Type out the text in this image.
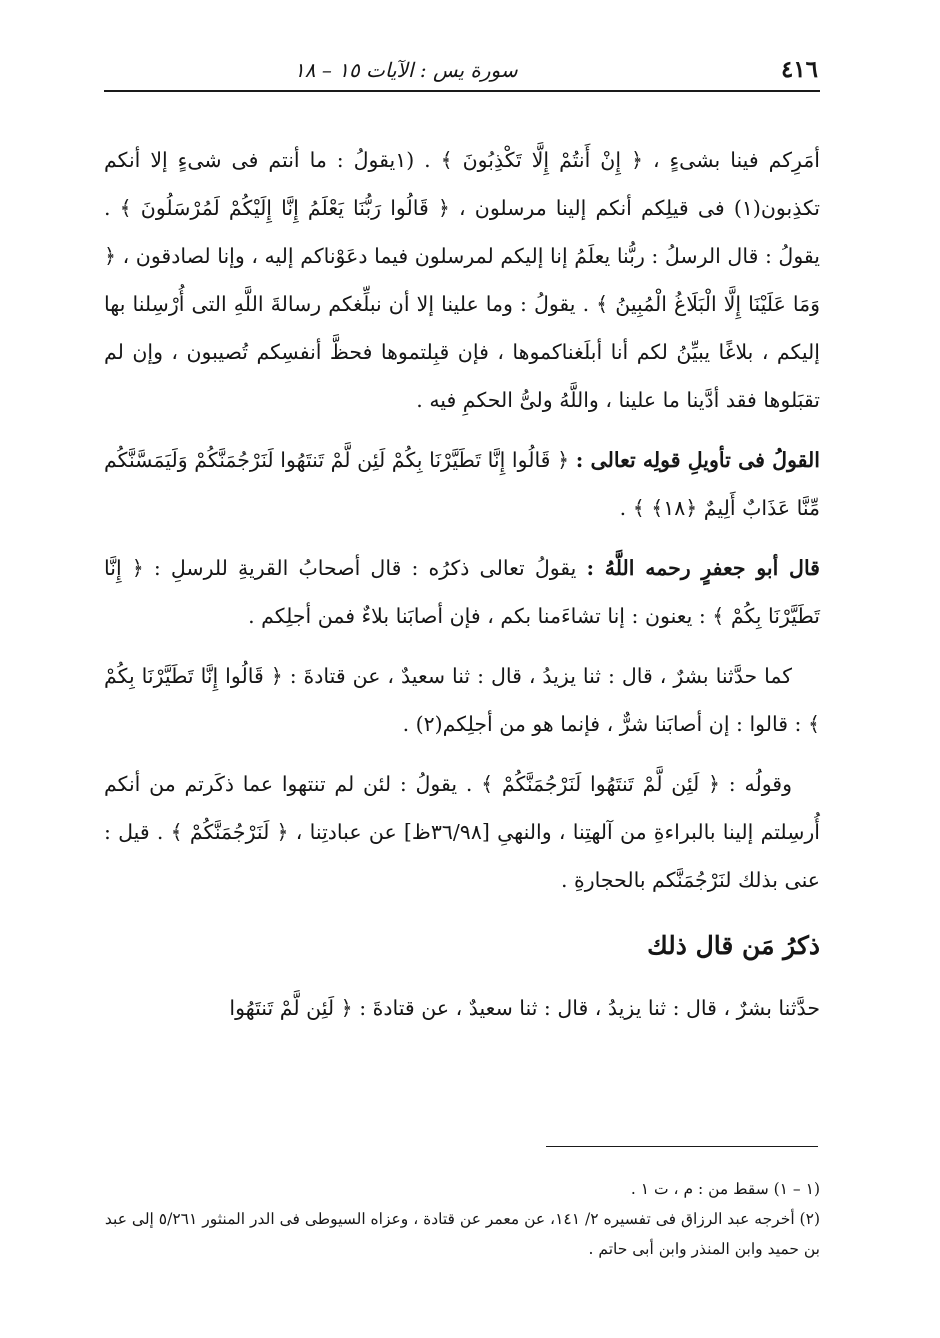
٤١٦
سورة يس : الآيات ١٥ – ١٨

أمَرِكم فينا بشىءٍ ، ﴿ إِنْ أَنتُمْ إِلَّا تَكْذِبُونَ ﴾ . (١يقولُ : ما أنتم فى شىءٍ إلا أنكم تكذِبون(١) فى قيلِكم أنكم إلينا مرسلون ، ﴿ قَالُوا رَبُّنَا يَعْلَمُ إِنَّا إِلَيْكُمْ لَمُرْسَلُونَ ﴾ . يقولُ : قال الرسلُ : ربُّنا يعلَمُ إنا إليكم لمرسلون فيما دعَوْناكم إليه ، وإنا لصادقون ، ﴿ وَمَا عَلَيْنَا إِلَّا الْبَلَاغُ الْمُبِينُ ﴾ . يقولُ : وما علينا إلا أن نبلِّغكم رسالةَ اللَّهِ التى أُرْسِلنا بها إليكم ، بلاغًا يبيِّنُ لكم أنا أبلَغناكموها ، فإن قبِلتموها فحظَّ أنفسِكم تُصيبون ، وإن لم تقبَلوها فقد أدَّينا ما علينا ، واللَّهُ ولىُّ الحكمِ فيه .

القولُ فى تأويلِ قولِه تعالى : ﴿ قَالُوا إِنَّا تَطَيَّرْنَا بِكُمْ لَئِن لَّمْ تَنتَهُوا لَنَرْجُمَنَّكُمْ وَلَيَمَسَّنَّكُم مِّنَّا عَذَابٌ أَلِيمٌ ﴿١٨﴾ ﴾ .

قال أبو جعفرٍ رحمه اللَّهُ : يقولُ تعالى ذكرُه : قال أصحابُ القريةِ للرسلِ : ﴿ إِنَّا تَطَيَّرْنَا بِكُمْ ﴾ : يعنون : إنا تشاءَمنا بكم ، فإن أصابَنا بلاءٌ فمن أجلِكم .

كما حدَّثنا بشرٌ ، قال : ثنا يزيدُ ، قال : ثنا سعيدٌ ، عن قتادةَ : ﴿ قَالُوا إِنَّا تَطَيَّرْنَا بِكُمْ ﴾ : قالوا : إن أصابَنا شرٌّ ، فإنما هو من أجلِكم(٢) .

وقولُه : ﴿ لَئِن لَّمْ تَنتَهُوا لَنَرْجُمَنَّكُمْ ﴾ . يقولُ : لئن لم تنتهوا عما ذكَرتم من أنكم أُرسِلتم إلينا بالبراءةِ من آلهتِنا ، والنهىِ [٣٦/٩٨ظ] عن عبادتِنا ، ﴿ لَنَرْجُمَنَّكُمْ ﴾ . قيل : عنى بذلك لنَرْجُمَنَّكم بالحجارةِ .

ذكرُ مَن قال ذلك

حدَّثنا بشرٌ ، قال : ثنا يزيدُ ، قال : ثنا سعيدٌ ، عن قتادةَ : ﴿ لَئِن لَّمْ تَنتَهُوا

(١ – ١) سقط من : م ، ت ١ .

(٢) أخرجه عبد الرزاق فى تفسيره ٢/ ١٤١، عن معمر عن قتادة ، وعزاه السيوطى فى الدر المنثور ٥/٢٦١ إلى عبد بن حميد وابن المنذر وابن أبى حاتم .
